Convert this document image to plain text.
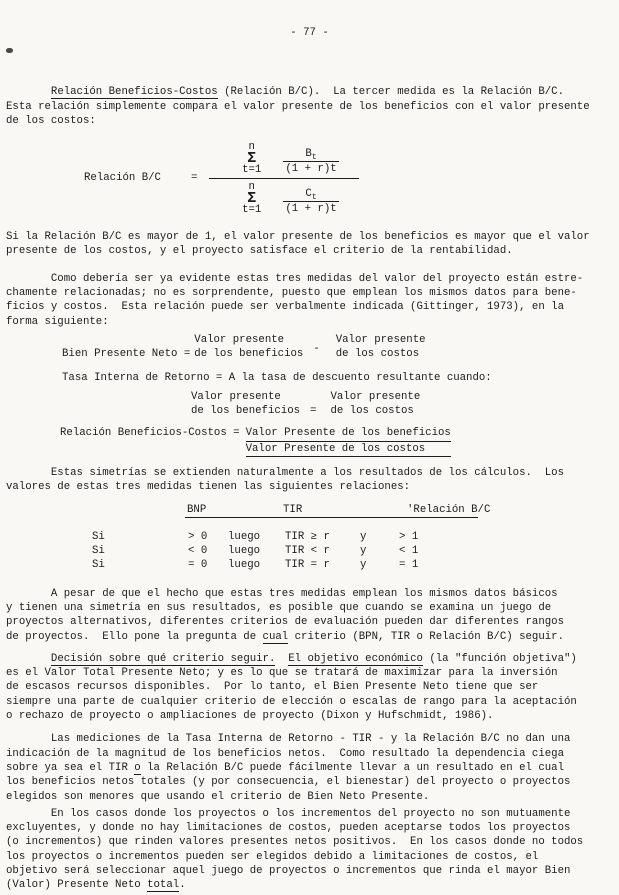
- 77 -
Relación Beneficios-Costos (Relación B/C).  La tercer medida es la Relación B/C.
Esta relación simplemente compara el valor presente de los beneficios con el valor presente
de los costos:
Relación B/C	=
n
Σ
$t=1 \frac{B_t}{(1 + r)t}$
n
Σ
$t=1 \frac{C_t}{(1 + r)t}$
Si la Relación B/C es mayor de 1, el valor presente de los beneficios es mayor que el valor
presente de los costos, y el proyecto satisface el criterio de la rentabilidad.
Como debería ser ya evidente estas tres medidas del valor del proyecto están estre-
chamente relacionadas; no es sorprendente, puesto que emplean los mismos datos para bene-
ficios y costos.  Esta relación puede ser verbalmente indicada (Gittinger, 1973), en la
forma siguiente:
Bien Presente Neto =
Valor presente
de los beneficios -
Valor presente
de los costos
Tasa Interna de Retorno = A la tasa de descuento resultante cuando:
Valor presente
de los beneficios =
Valor presente
de los costos
Relación Beneficios-Costos = Valor Presente de los beneficios
Valor Presente de los costos
Estas simetrías se extienden naturalmente a los resultados de los cálculos.  Los
valores de estas tres medidas tienen las siguientes relaciones:
BNP	TIR	'Relación B/C
Si	> 0 luego TIR ≥ r	y	> 1
Si	< 0 luego TIR < r	y	< 1
Si	= 0 luego TIR = r	y	= 1
A pesar de que el hecho que estas tres medidas emplean los mismos datos básicos
y tienen una simetría en sus resultados, es posible que cuando se examina un juego de
proyectos alternativos, diferentes criterios de evaluación pueden dar diferentes rangos
de proyectos.  Ello pone la pregunta de cual criterio (BPN, TIR o Relación B/C) seguir.
Decisión sobre qué criterio seguir. El objetivo económico (la "función objetiva")
es el Valor Total Presente Neto; y es lo que se tratará de maximizar para la inversión
de escasos recursos disponibles.  Por lo tanto, el Bien Presente Neto tiene que ser
siempre una parte de cualquier criterio de elección o escalas de rango para la aceptación
o rechazo de proyecto o ampliaciones de proyecto (Dixon y Hufschmidt, 1986).
Las mediciones de la Tasa Interna de Retorno - TIR - y la Relación B/C no dan una
indicación de la magnitud de los beneficios netos.  Como resultado la dependencia ciega
sobre ya sea el TIR o la Relación B/C puede fácilmente llevar a un resultado en el cual
los beneficios netos totales (y por consecuencia, el bienestar) del proyecto o proyectos
elegidos son menores que usando el criterio de Bien Neto Presente.
En los casos donde los proyectos o los incrementos del proyecto no son mutuamente
excluyentes, y donde no hay limitaciones de costos, pueden aceptarse todos los proyectos
(o incrementos) que rinden valores presentes netos positivos.  En los casos donde no todos
los proyectos o incrementos pueden ser elegidos debido a limitaciones de costos, el
objetivo será seleccionar aquel juego de proyectos o incrementos que rinda el mayor Bien
(Valor) Presente Neto total.
